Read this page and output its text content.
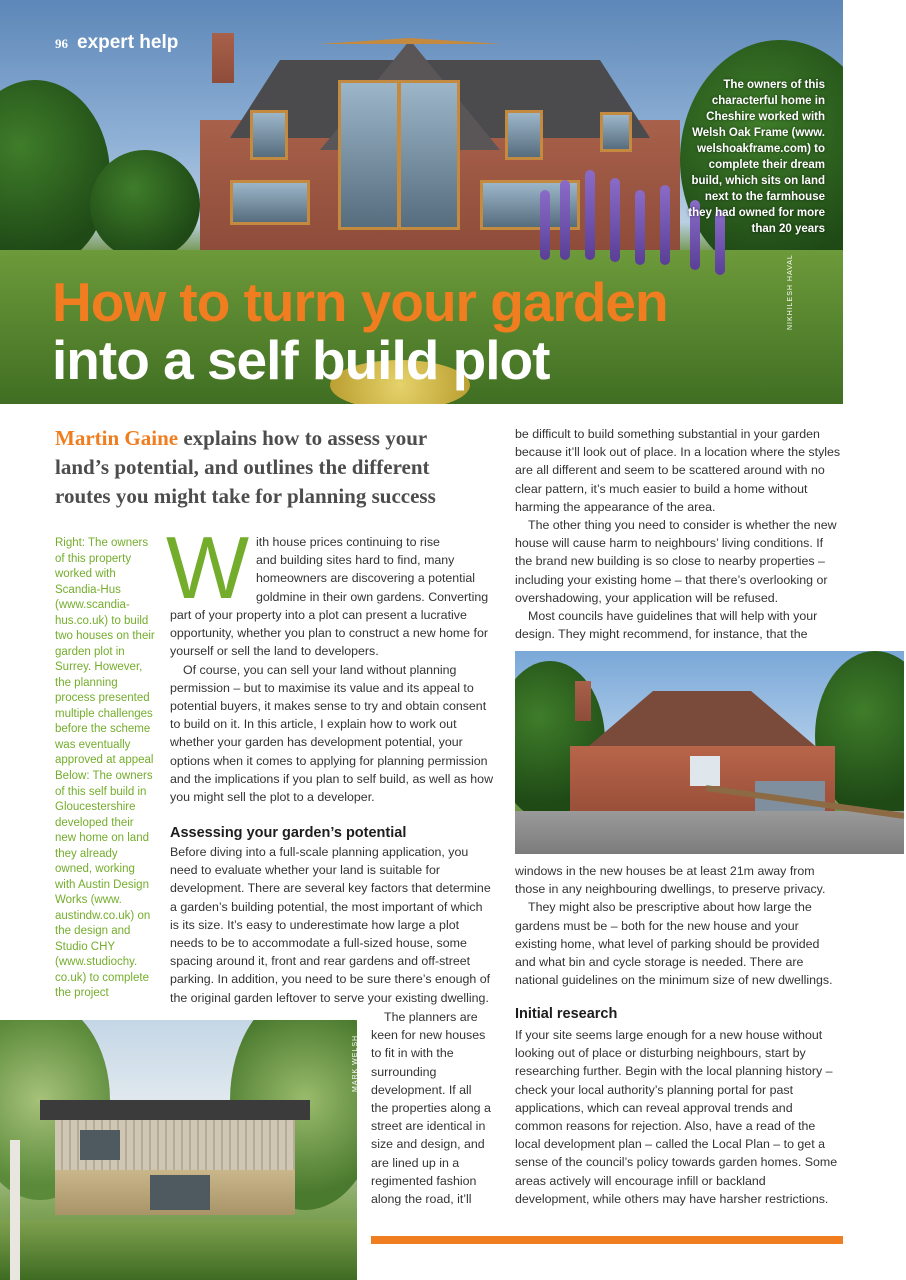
96 expert help
The owners of this characterful home in Cheshire worked with Welsh Oak Frame (www. welshoakframe.com) to complete their dream build, which sits on land next to the farmhouse they had owned for more than 20 years
NIKHILESH HAVAL
How to turn your garden
into a self build plot
Martin Gaine explains how to assess your land’s potential, and outlines the different routes you might take for planning success
Right: The owners of this property worked with Scandia-Hus (www.scandia-hus.co.uk) to build two houses on their garden plot in Surrey. However, the planning process presented multiple challenges before the scheme was eventually approved at appeal
Below: The owners of this self build in Gloucestershire developed their new home on land they already owned, working with Austin Design Works (www. austindw.co.uk) on the design and Studio CHY (www.studiochy. co.uk) to complete the project
W ith house prices continuing to rise
and building sites hard to find, many
homeowners are discovering a potential
goldmine in their own gardens. Converting

part of your property into a plot can present a lucrative opportunity, whether you plan to construct a new home for yourself or sell the land to developers.

Of course, you can sell your land without planning permission – but to maximise its value and its appeal to potential buyers, it makes sense to try and obtain consent to build on it. In this article, I explain how to work out whether your garden has development potential, your options when it comes to applying for planning permission and the implications if you plan to self build, as well as how you might sell the plot to a developer.

Assessing your garden’s potential

Before diving into a full-scale planning application, you need to evaluate whether your land is suitable for development. There are several key factors that determine a garden’s building potential, the most important of which is its size. It’s easy to underestimate how large a plot needs to be to accommodate a full-sized house, some spacing around it, front and rear gardens and off-street parking. In addition, you need to be sure there’s enough of the original garden leftover to serve your existing dwelling.

The planners are keen for new houses to fit in with the surrounding development. If all the properties along a street are identical in size and design, and are lined up in a regimented fashion along the road, it’ll

MARK WELSH

be difficult to build something substantial in your garden because it’ll look out of place. In a location where the styles are all different and seem to be scattered around with no clear pattern, it’s much easier to build a home without harming the appearance of the area.

The other thing you need to consider is whether the new house will cause harm to neighbours’ living conditions. If the brand new building is so close to nearby properties – including your existing home – that there’s overlooking or overshadowing, your application will be refused.

Most councils have guidelines that will help with your design. They might recommend, for instance, that the

windows in the new houses be at least 21m away from those in any neighbouring dwellings, to preserve privacy.

They might also be prescriptive about how large the gardens must be – both for the new house and your existing home, what level of parking should be provided and what bin and cycle storage is needed. There are national guidelines on the minimum size of new dwellings.

Initial research

If your site seems large enough for a new house without looking out of place or disturbing neighbours, start by researching further. Begin with the local planning history – check your local authority’s planning portal for past applications, which can reveal approval trends and common reasons for rejection. Also, have a read of the local development plan – called the Local Plan – to get a sense of the council’s policy towards garden homes. Some areas actively will encourage infill or backland development, while others may have harsher restrictions.
